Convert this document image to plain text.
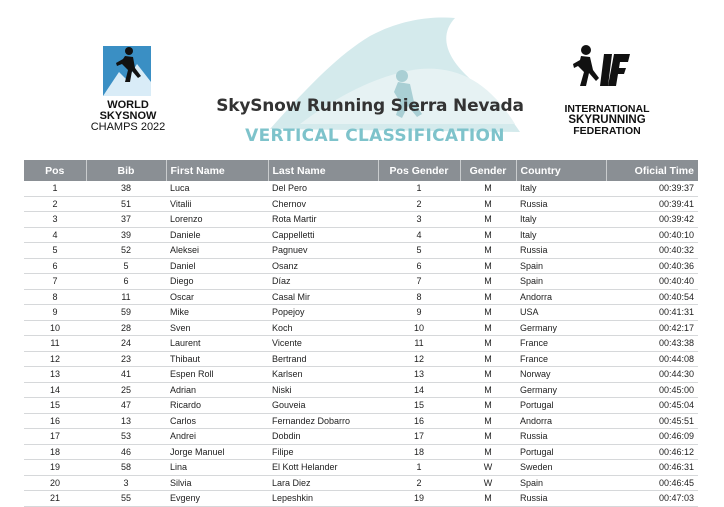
WORLD
SKYSNOW
CHAMPS 2022
INTERNATIONAL
SKYRUNNING
FEDERATION
SkySnow Running Sierra Nevada
VERTICAL CLASSIFICATION
Pos	Bib	First Name	Last Name	Pos Gender	Gender	Country	Oficial Time
1	38	Luca	Del Pero	1	M	Italy	00:39:37
2	51	Vitalii	Chernov	2	M	Russia	00:39:41
3	37	Lorenzo	Rota Martir	3	M	Italy	00:39:42
4	39	Daniele	Cappelletti	4	M	Italy	00:40:10
5	52	Aleksei	Pagnuev	5	M	Russia	00:40:32
6	5	Daniel	Osanz	6	M	Spain	00:40:36
7	6	Diego	Díaz	7	M	Spain	00:40:40
8	11	Oscar	Casal Mir	8	M	Andorra	00:40:54
9	59	Mike	Popejoy	9	M	USA	00:41:31
10	28	Sven	Koch	10	M	Germany	00:42:17
11	24	Laurent	Vicente	11	M	France	00:43:38
12	23	Thibaut	Bertrand	12	M	France	00:44:08
13	41	Espen Roll	Karlsen	13	M	Norway	00:44:30
14	25	Adrian	Niski	14	M	Germany	00:45:00
15	47	Ricardo	Gouveia	15	M	Portugal	00:45:04
16	13	Carlos	Fernandez Dobarro	16	M	Andorra	00:45:51
17	53	Andrei	Dobdin	17	M	Russia	00:46:09
18	46	Jorge Manuel	Filipe	18	M	Portugal	00:46:12
19	58	Lina	El Kott Helander	1	W	Sweden	00:46:31
20	3	Silvia	Lara Diez	2	W	Spain	00:46:45
21	55	Evgeny	Lepeshkin	19	M	Russia	00:47:03
